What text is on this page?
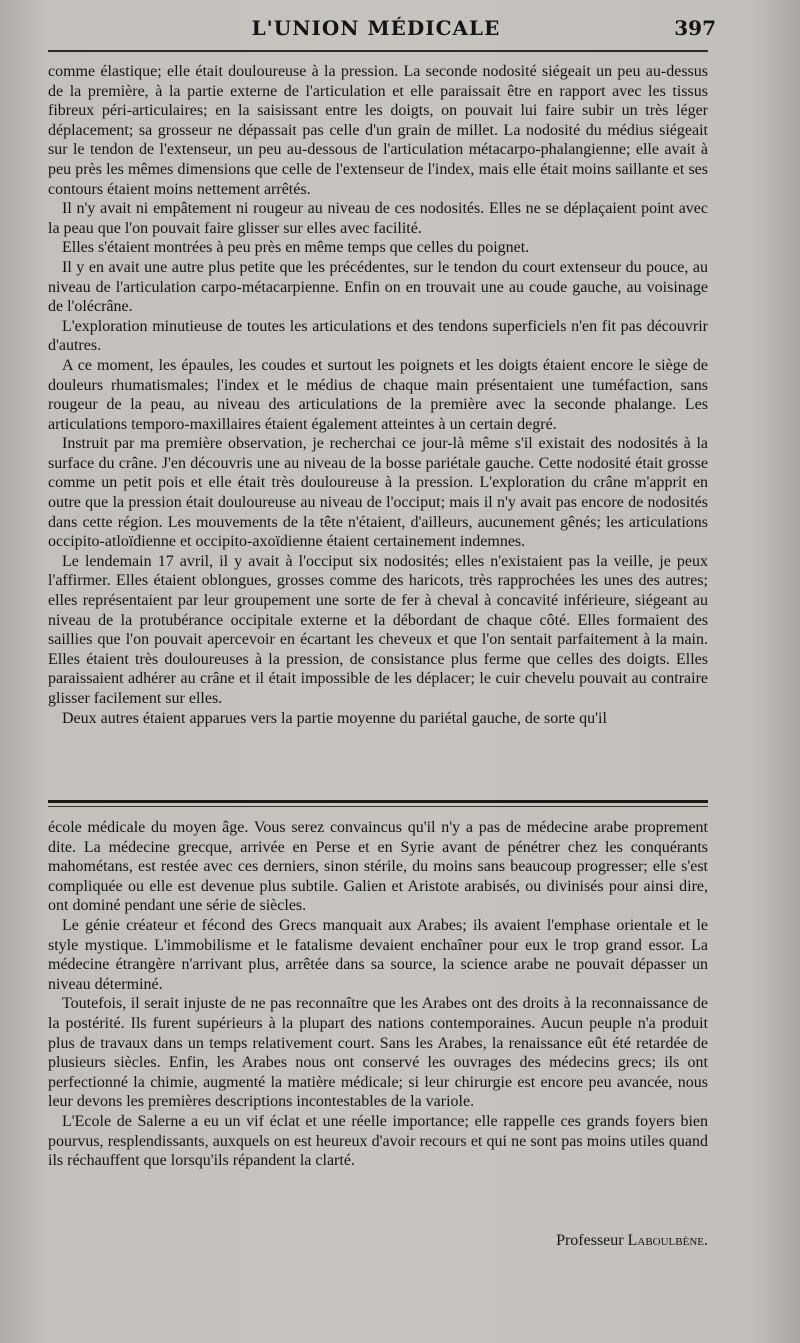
L'UNION MÉDICALE	397

comme élastique; elle était douloureuse à la pression. La seconde nodosité siégeait un peu au-dessus de la première, à la partie externe de l'articulation et elle paraissait être en rapport avec les tissus fibreux péri-articulaires; en la saisissant entre les doigts, on pouvait lui faire subir un très léger déplacement; sa grosseur ne dépassait pas celle d'un grain de millet. La nodosité du médius siégeait sur le tendon de l'extenseur, un peu au-dessous de l'articulation métacarpo-phalangienne; elle avait à peu près les mêmes dimensions que celle de l'extenseur de l'index, mais elle était moins saillante et ses contours étaient moins nettement arrêtés.

Il n'y avait ni empâtement ni rougeur au niveau de ces nodosités. Elles ne se déplaçaient point avec la peau que l'on pouvait faire glisser sur elles avec facilité.

Elles s'étaient montrées à peu près en même temps que celles du poignet.

Il y en avait une autre plus petite que les précédentes, sur le tendon du court extenseur du pouce, au niveau de l'articulation carpo-métacarpienne. Enfin on en trouvait une au coude gauche, au voisinage de l'olécrâne.

L'exploration minutieuse de toutes les articulations et des tendons superficiels n'en fit pas découvrir d'autres.

A ce moment, les épaules, les coudes et surtout les poignets et les doigts étaient encore le siège de douleurs rhumatismales; l'index et le médius de chaque main présentaient une tuméfaction, sans rougeur de la peau, au niveau des articulations de la première avec la seconde phalange. Les articulations temporo-maxillaires étaient également atteintes à un certain degré.

Instruit par ma première observation, je recherchai ce jour-là même s'il existait des nodosités à la surface du crâne. J'en découvris une au niveau de la bosse pariétale gauche. Cette nodosité était grosse comme un petit pois et elle était très douloureuse à la pression. L'exploration du crâne m'apprit en outre que la pression était douloureuse au niveau de l'occiput; mais il n'y avait pas encore de nodosités dans cette région. Les mouvements de la tête n'étaient, d'ailleurs, aucunement gênés; les articulations occipito-atloïdienne et occipito-axoïdienne étaient certainement indemnes.

Le lendemain 17 avril, il y avait à l'occiput six nodosités; elles n'existaient pas la veille, je peux l'affirmer. Elles étaient oblongues, grosses comme des haricots, très rapprochées les unes des autres; elles représentaient par leur groupement une sorte de fer à cheval à concavité inférieure, siégeant au niveau de la protubérance occipitale externe et la débordant de chaque côté. Elles formaient des saillies que l'on pouvait apercevoir en écartant les cheveux et que l'on sentait parfaitement à la main. Elles étaient très douloureuses à la pression, de consistance plus ferme que celles des doigts. Elles paraissaient adhérer au crâne et il était impossible de les déplacer; le cuir chevelu pouvait au contraire glisser facilement sur elles.

Deux autres étaient apparues vers la partie moyenne du pariétal gauche, de sorte qu'il

école médicale du moyen âge. Vous serez convaincus qu'il n'y a pas de médecine arabe proprement dite. La médecine grecque, arrivée en Perse et en Syrie avant de pénétrer chez les conquérants mahométans, est restée avec ces derniers, sinon stérile, du moins sans beaucoup progresser; elle s'est compliquée ou elle est devenue plus subtile. Galien et Aristote arabisés, ou divinisés pour ainsi dire, ont dominé pendant une série de siècles.

Le génie créateur et fécond des Grecs manquait aux Arabes; ils avaient l'emphase orientale et le style mystique. L'immobilisme et le fatalisme devaient enchaîner pour eux le trop grand essor. La médecine étrangère n'arrivant plus, arrêtée dans sa source, la science arabe ne pouvait dépasser un niveau déterminé.

Toutefois, il serait injuste de ne pas reconnaître que les Arabes ont des droits à la reconnaissance de la postérité. Ils furent supérieurs à la plupart des nations contemporaines. Aucun peuple n'a produit plus de travaux dans un temps relativement court. Sans les Arabes, la renaissance eût été retardée de plusieurs siècles. Enfin, les Arabes nous ont conservé les ouvrages des médecins grecs; ils ont perfectionné la chimie, augmenté la matière médicale; si leur chirurgie est encore peu avancée, nous leur devons les premières descriptions incontestables de la variole.

L'Ecole de Salerne a eu un vif éclat et une réelle importance; elle rappelle ces grands foyers bien pourvus, resplendissants, auxquels on est heureux d'avoir recours et qui ne sont pas moins utiles quand ils réchauffent que lorsqu'ils répandent la clarté.

Professeur Laboulbène.
